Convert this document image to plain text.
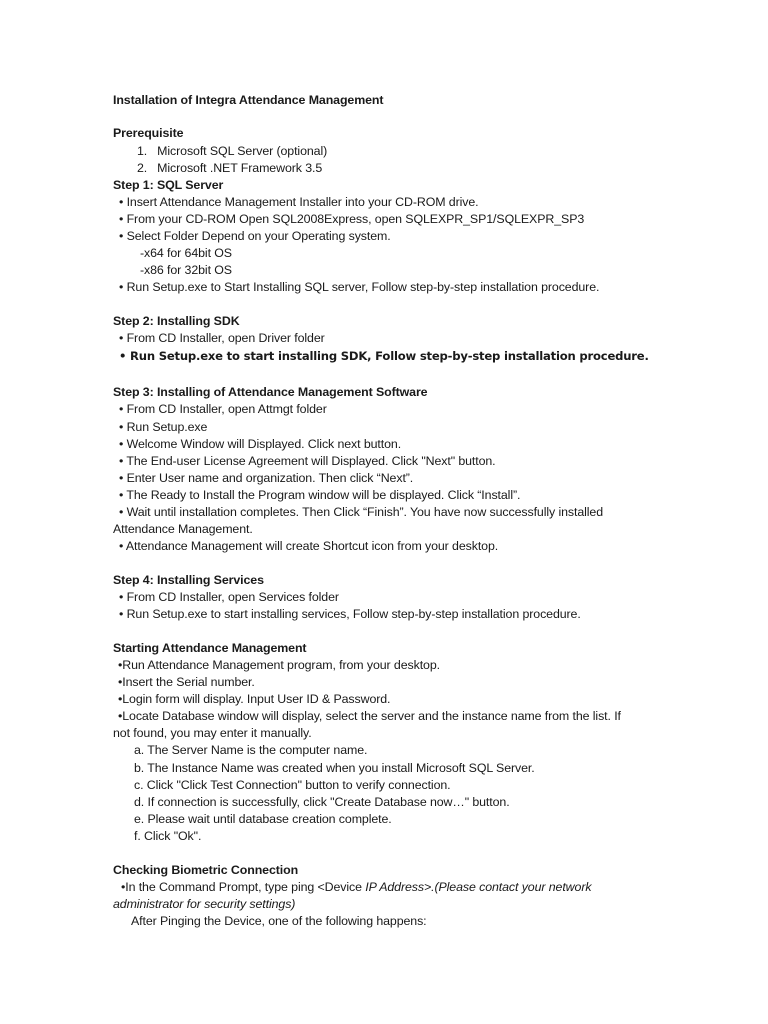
Installation of Integra Attendance Management
Prerequisite
1.   Microsoft SQL Server (optional)
2.   Microsoft .NET Framework 3.5
Step 1: SQL Server
• Insert Attendance Management Installer into your CD-ROM drive.
• From your CD-ROM Open SQL2008Express, open SQLEXPR_SP1/SQLEXPR_SP3
• Select Folder Depend on your Operating system.
-x64 for 64bit OS
-x86 for 32bit OS
• Run Setup.exe to Start Installing SQL server, Follow step-by-step installation procedure.
Step 2: Installing SDK
• From CD Installer, open Driver folder
• Run Setup.exe to start installing SDK, Follow step-by-step installation procedure.
Step 3: Installing of Attendance Management Software
• From CD Installer, open Attmgt folder
• Run Setup.exe
• Welcome Window will Displayed. Click next button.
• The End-user License Agreement will Displayed. Click "Next" button.
• Enter User name and organization. Then click “Next”.
• The Ready to Install the Program window will be displayed. Click “Install”.
• Wait until installation completes. Then Click “Finish”. You have now successfully installed
Attendance Management.
• Attendance Management will create Shortcut icon from your desktop.
Step 4: Installing Services
• From CD Installer, open Services folder
• Run Setup.exe to start installing services, Follow step-by-step installation procedure.
Starting Attendance Management
•Run Attendance Management program, from your desktop.
•Insert the Serial number.
•Login form will display. Input User ID & Password.
•Locate Database window will display, select the server and the instance name from the list. If
not found, you may enter it manually.
a. The Server Name is the computer name.
b. The Instance Name was created when you install Microsoft SQL Server.
c. Click "Click Test Connection" button to verify connection.
d. If connection is successfully, click "Create Database now…" button.
e. Please wait until database creation complete.
f. Click "Ok".
Checking Biometric Connection
•In the Command Prompt, type ping <Device IP Address>.(Please contact your network
administrator for security settings)
After Pinging the Device, one of the following happens:
